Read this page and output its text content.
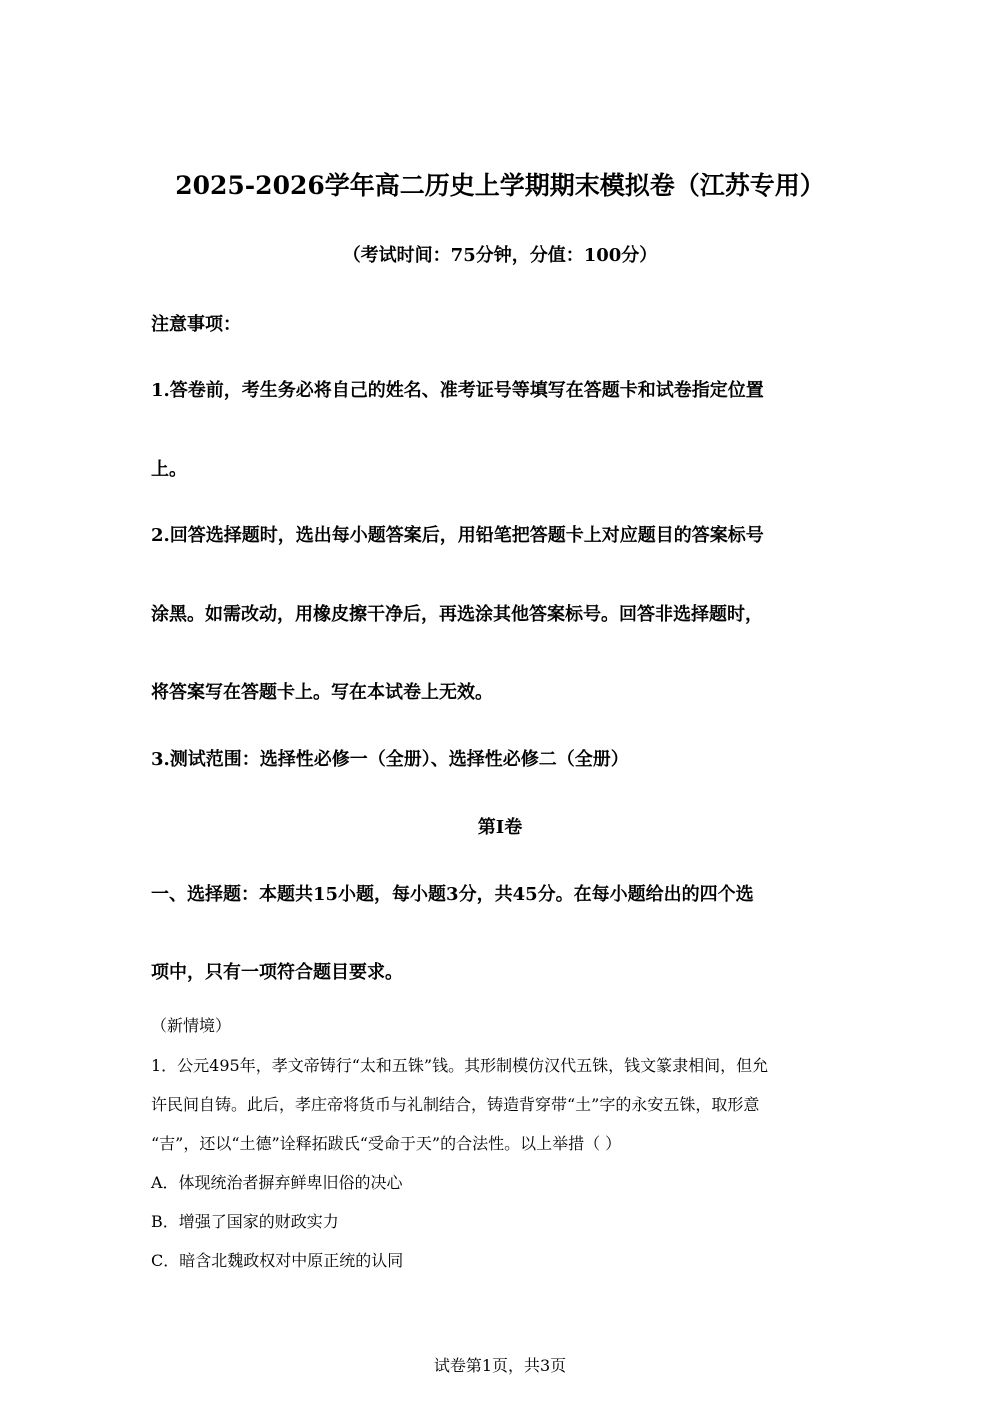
2025-2026学年高二历史上学期期末模拟卷（江苏专用）
（考试时间：75分钟，分值：100分）
注意事项：
1.答卷前，考生务必将自己的姓名、准考证号等填写在答题卡和试卷指定位置
上。
2.回答选择题时，选出每小题答案后，用铅笔把答题卡上对应题目的答案标号
涂黑。如需改动，用橡皮擦干净后，再选涂其他答案标号。回答非选择题时，
将答案写在答题卡上。写在本试卷上无效。
3.测试范围：选择性必修一（全册）、选择性必修二（全册）
第I卷
一、选择题：本题共15小题，每小题3分，共45分。在每小题给出的四个选
项中，只有一项符合题目要求。
（新情境）
1．公元495年，孝文帝铸行“太和五铢”钱。其形制模仿汉代五铢，钱文篆隶相间，但允
许民间自铸。此后，孝庄帝将货币与礼制结合，铸造背穿带“土”字的永安五铢，取形意
“吉”，还以“土德”诠释拓跋氏“受命于天”的合法性。以上举措（ ）
A．体现统治者摒弃鲜卑旧俗的决心
B．增强了国家的财政实力
C．暗含北魏政权对中原正统的认同
试卷第1页，共3页
